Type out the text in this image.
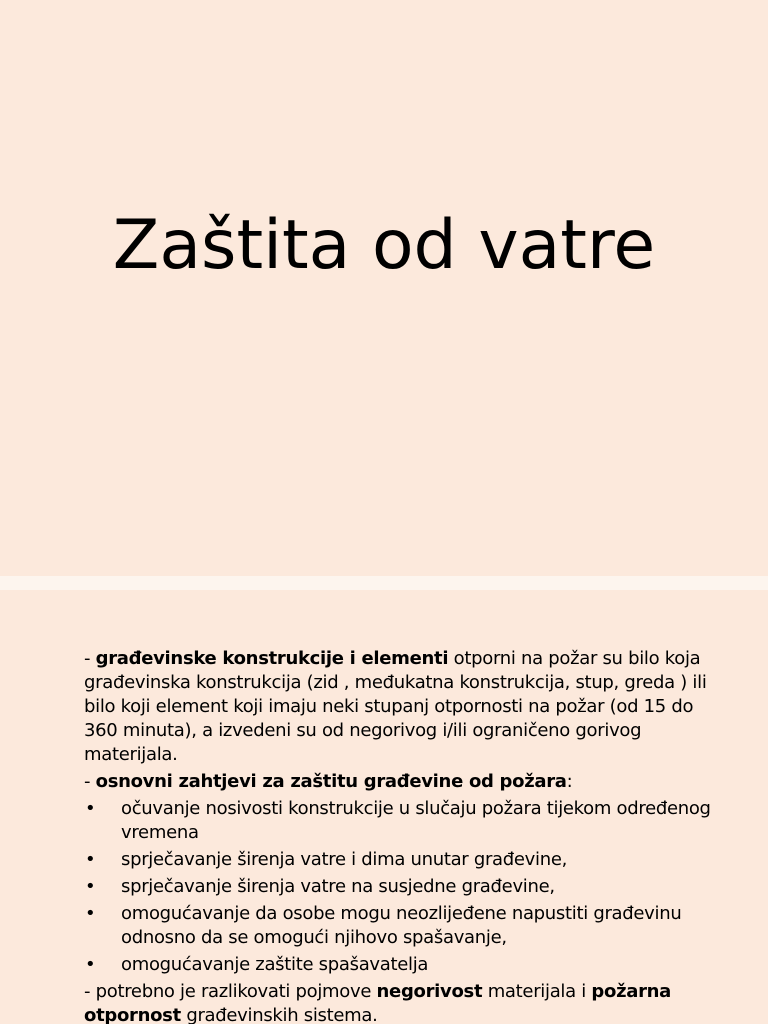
Zaštita od vatre

- građevinske konstrukcije i elementi otporni na požar su bilo koja građevinska konstrukcija (zid , međukatna konstrukcija, stup, greda ) ili bilo koji element koji imaju neki stupanj otpornosti na požar (od 15 do 360 minuta), a izvedeni su od negorivog i/ili ograničeno gorivog materijala.

- osnovni zahtjevi za zaštitu građevine od požara:

• očuvanje nosivosti konstrukcije u slučaju požara tijekom određenog vremena
• sprječavanje širenja vatre i dima unutar građevine,
• sprječavanje širenja vatre na susjedne građevine,
• omogućavanje da osobe mogu neozlijeđene napustiti građevinu odnosno da se omogući njihovo spašavanje,
• omogućavanje zaštite spašavatelja

- potrebno je razlikovati pojmove negorivost materijala i požarna otpornost građevinskih sistema.
